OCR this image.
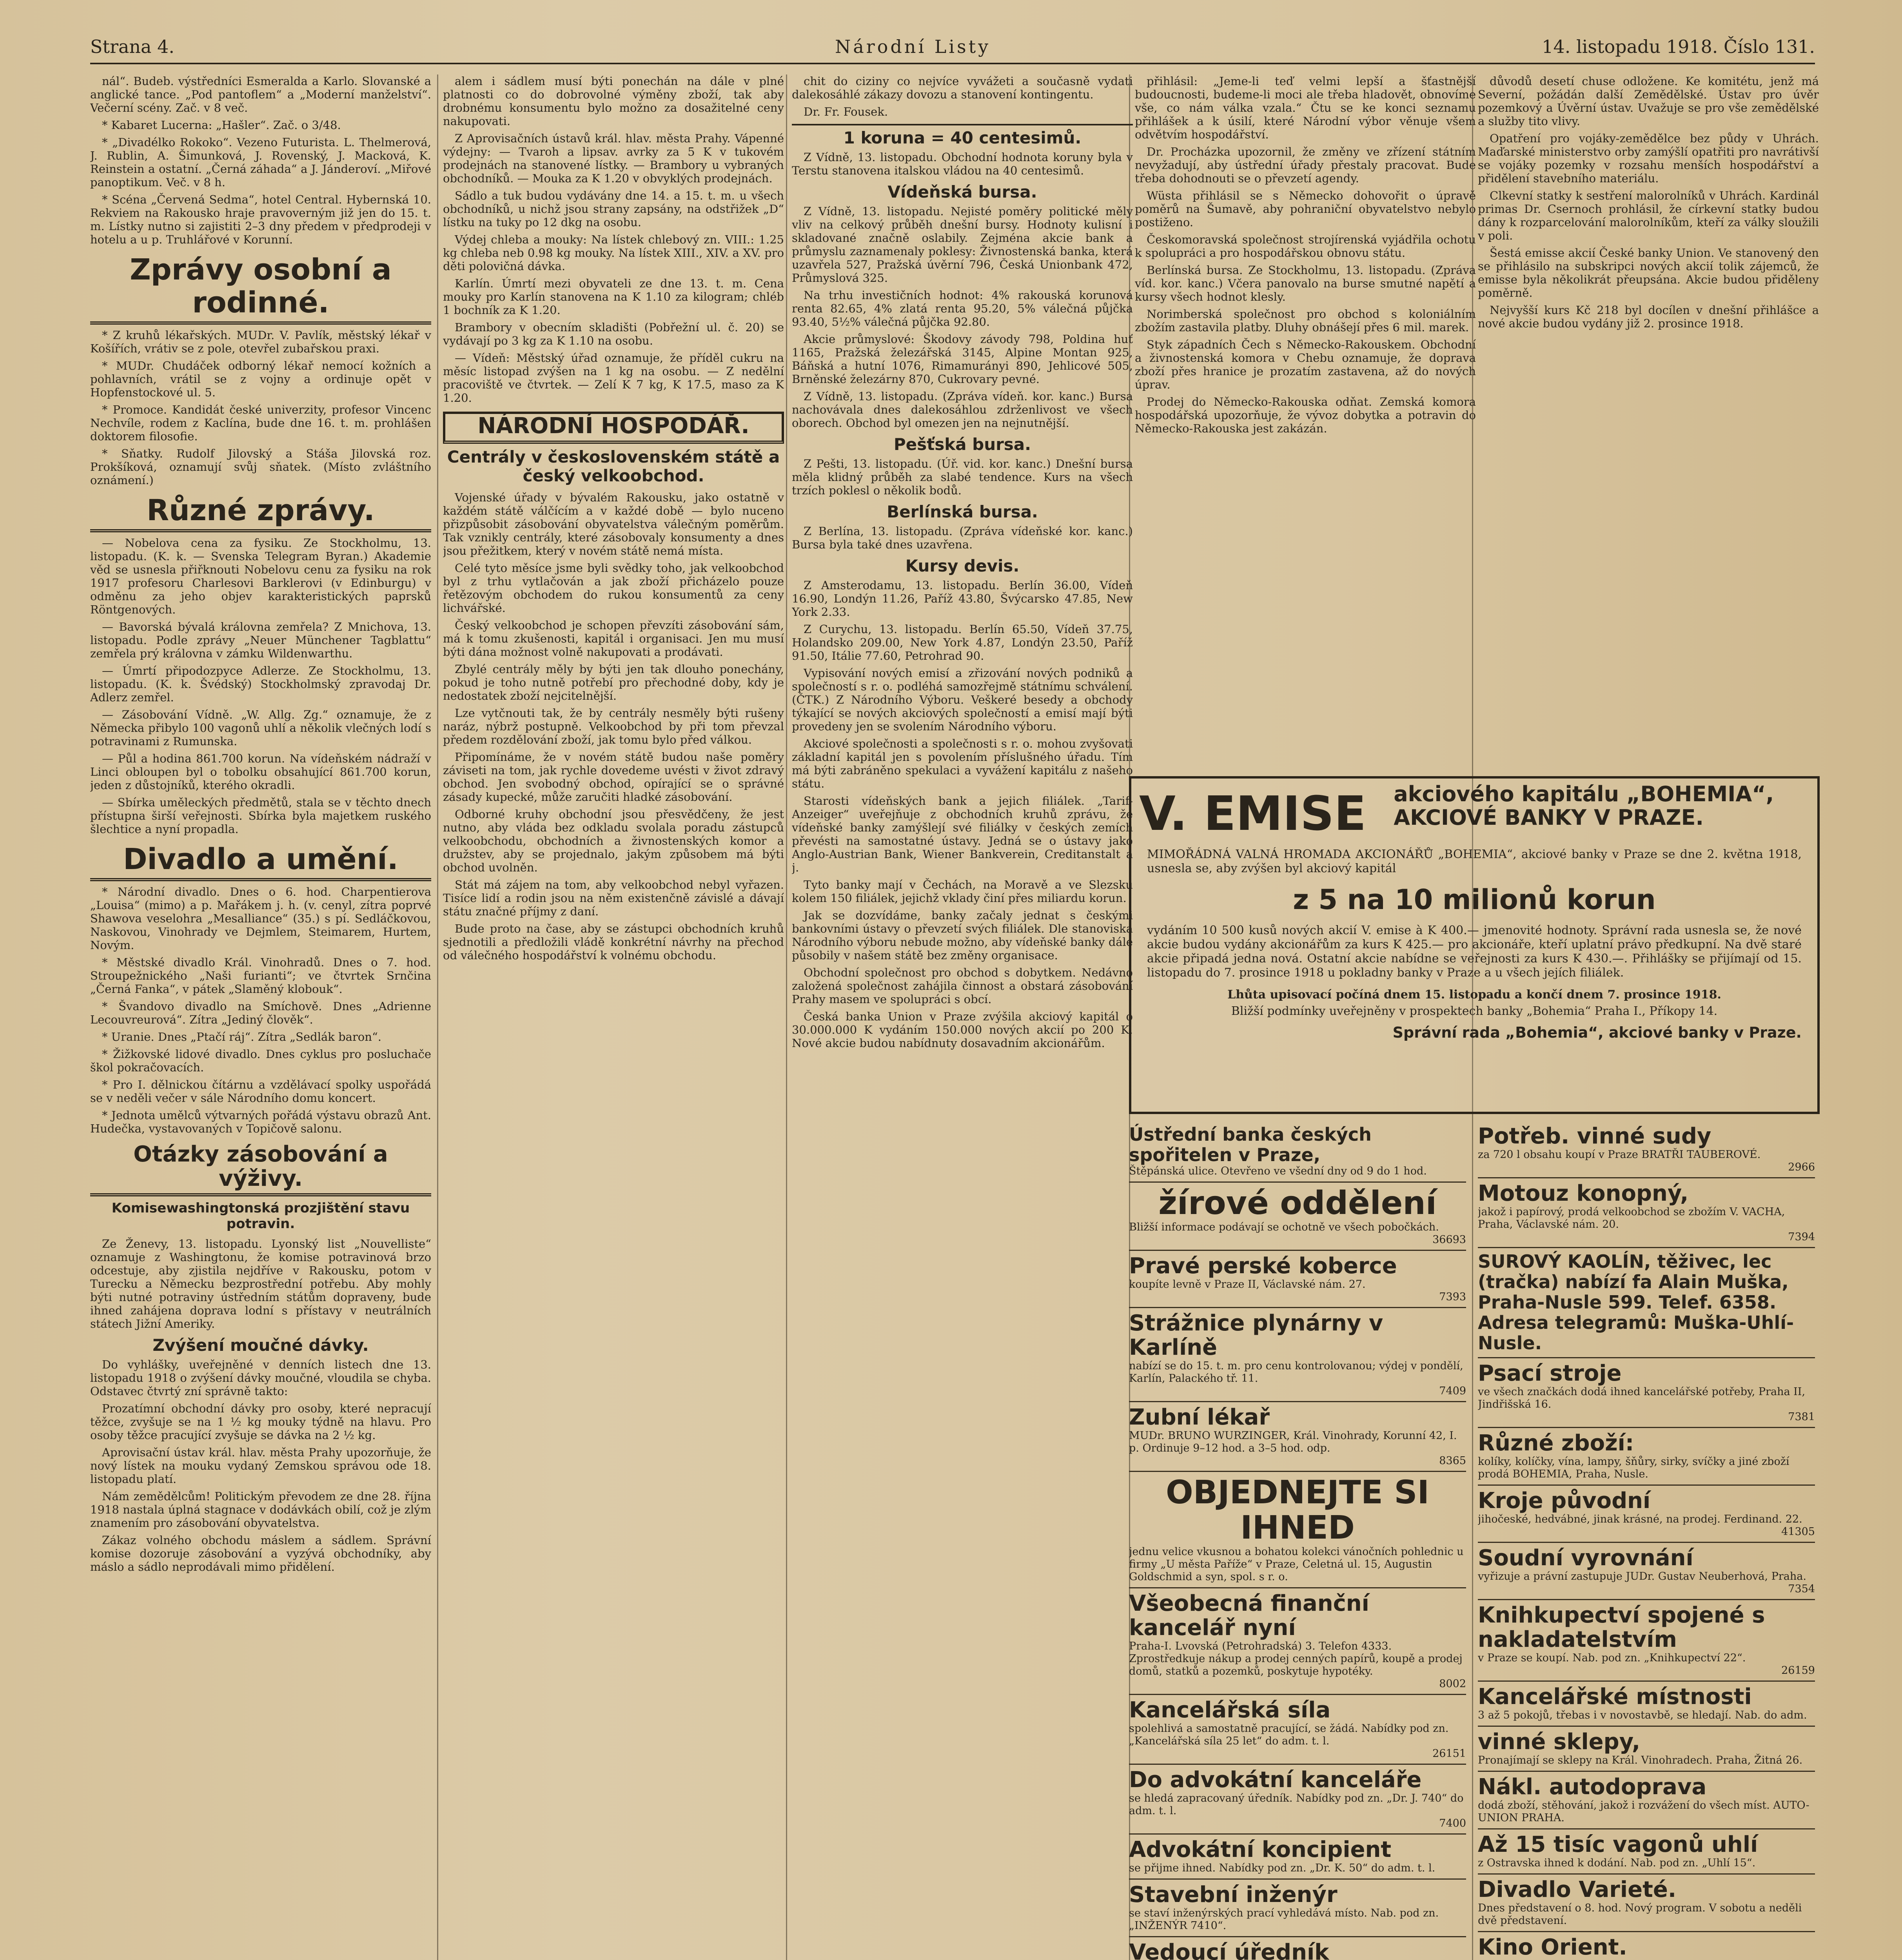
Strana 4.	Národní Listy	14. listopadu 1918. Číslo 131.

nál“. Budeb. výstředníci Esmeralda a Karlo. Slovanské a anglické tance. „Pod pantoflem“ a „Moderní manželství“. Večerní scény. Zač. v 8 več.

* Kabaret Lucerna: „Hašler“. Zač. o 3/48.

* „Divadélko Rokoko“. Vezeno Futurista. L. Thelmerová, J. Rublin, A. Šimunková, J. Rovenský, J. Macková, K. Reinstein a ostatní. „Černá záhada“ a J. Jánderoví. „Miřové panoptikum. Več. v 8 h.

* Scéna „Červená Sedma“, hotel Central. Hybernská 10. Rekviem na Rakousko hraje pravoverným již jen do 15. t. m. Lístky nutno si zajistiti 2–3 dny předem v předprodeji v hotelu a u p. Truhlářové v Korunní.

Zprávy osobní a rodinné.

* Z kruhů lékařských. MUDr. V. Pavlík, městský lékař v Košířích, vrátiv se z pole, otevřel zubařskou praxi.

* MUDr. Chudáček odborný lékař nemocí kožních a pohlavních, vrátil se z vojny a ordinuje opět v Hopfenstockové ul. 5.

* Promoce. Kandidát české univerzity, profesor Vincenc Nechvíle, rodem z Kaclína, bude dne 16. t. m. prohlášen doktorem filosofie.

* Sňatky. Rudolf Jilovský a Stáša Jilovská roz. Prokšíková, oznamují svůj sňatek. (Místo zvláštního oznámení.)

Různé zprávy.

— Nobelova cena za fysiku. Ze Stockholmu, 13. listopadu. (K. k. — Svenska Telegram Byran.) Akademie věd se usnesla přiřknouti Nobelovu cenu za fysiku na rok 1917 profesoru Charlesovi Barklerovi (v Edinburgu) v odměnu za jeho objev karakteristických paprsků Röntgenových.

— Bavorská bývalá královna zemřela? Z Mnichova, 13. listopadu. Podle zprávy „Neuer Münchener Tagblattu“ zemřela prý královna v zámku Wildenwarthu.

— Úmrtí připodozpyce Adlerze. Ze Stockholmu, 13. listopadu. (K. k. Švédský) Stockholmský zpravodaj Dr. Adlerz zemřel.

— Zásobování Vídně. „W. Allg. Zg.“ oznamuje, že z Německa přibylo 100 vagonů uhlí a několik vlečných lodí s potravinami z Rumunska.

— Půl a hodina 861.700 korun. Na vídeňském nádraží v Linci obloupen byl o tobolku obsahující 861.700 korun, jeden z důstojníků, kterého okradli.

— Sbírka uměleckých předmětů, stala se v těchto dnech přístupna širší veřejnosti. Sbírka byla majetkem ruského šlechtice a nyní propadla.

Divadlo a umění.

* Národní divadlo. Dnes o 6. hod. Charpentierova „Louisa“ (mimo) a p. Mařákem j. h. (v. cenyl, zítra poprvé Shawova veselohra „Mesalliance“ (35.) s pí. Sedláčkovou, Naskovou, Vinohrady ve Dejmlem, Steimarem, Hurtem, Novým.

* Městské divadlo Král. Vinohradů. Dnes o 7. hod. Stroupežnického „Naši furianti“; ve čtvrtek Srnčina „Černá Fanka“, v pátek „Slaměný klobouk“.

* Švandovo divadlo na Smíchově. Dnes „Adrienne Lecouvreurová“. Zítra „Jediný člověk“.

* Uranie. Dnes „Ptačí ráj“. Zítra „Sedlák baron“.

* Žižkovské lidové divadlo. Dnes cyklus pro posluchače škol pokračovacích.

* Pro I. dělnickou čítárnu a vzdělávací spolky uspořádá se v neděli večer v sále Národního domu koncert.

* Jednota umělců výtvarných pořádá výstavu obrazů Ant. Hudečka, vystavovaných v Topičově salonu.

Otázky zásobování a výživy.
Komisewashingtonská prozjištění stavu potravin.

Ze Ženevy, 13. listopadu. Lyonský list „Nouvelliste“ oznamuje z Washingtonu, že komise potravinová brzo odcestuje, aby zjistila nejdříve v Rakousku, potom v Turecku a Německu bezprostřední potřebu. Aby mohly býti nutné potraviny ústředním státům dopraveny, bude ihned zahájena doprava lodní s přístavy v neutrálních státech Jižní Ameriky.

Zvýšení moučné dávky.

Do vyhlášky, uveřejněné v denních listech dne 13. listopadu 1918 o zvýšení dávky moučné, vloudila se chyba. Odstavec čtvrtý zní správně takto:

Prozatímní obchodní dávky pro osoby, které nepracují těžce, zvyšuje se na 1 ½ kg mouky týdně na hlavu. Pro osoby těžce pracující zvyšuje se dávka na 2 ½ kg.

Aprovisační ústav král. hlav. města Prahy upozorňuje, že nový lístek na mouku vydaný Zemskou správou ode 18. listopadu platí.

Nám zemědělcům! Politickým převodem ze dne 28. října 1918 nastala úplná stagnace v dodávkách obilí, což je zlým znamením pro zásobování obyvatelstva.

Zákaz volného obchodu máslem a sádlem. Správní komise dozoruje zásobování a vyzývá obchodníky, aby máslo a sádlo neprodávali mimo přidělení.

alem i sádlem musí býti ponechán na dále v plné platnosti co do dobrovolné výměny zboží, tak aby drobnému konsumentu bylo možno za dosažitelné ceny nakupovati.

Z Aprovisačních ústavů král. hlav. města Prahy. Vápenné výdejny: — Tvaroh a lipsav. avrky za 5 K v tukovém prodejnách na stanovené lístky. — Brambory u vybraných obchodníků. — Mouka za K 1.20 v obvyklých prodejnách.

Sádlo a tuk budou vydávány dne 14. a 15. t. m. u všech obchodníků, u nichž jsou strany zapsány, na odstřižek „D“ lístku na tuky po 12 dkg na osobu.

Výdej chleba a mouky: Na lístek chlebový zn. VIII.: 1.25 kg chleba neb 0.98 kg mouky. Na lístek XIII., XIV. a XV. pro děti polovičná dávka.

Karlín. Úmrtí mezi obyvateli ze dne 13. t. m. Cena mouky pro Karlín stanovena na K 1.10 za kilogram; chléb 1 bochník za K 1.20.

Brambory v obecním skladišti (Pobřežní ul. č. 20) se vydávají po 3 kg za K 1.10 na osobu.

— Vídeň: Městský úřad oznamuje, že příděl cukru na měsíc listopad zvýšen na 1 kg na osobu. — Z nedělní pracoviště ve čtvrtek. — Zelí K 7 kg, K 17.5, maso za K 1.20.

NÁRODNÍ HOSPODÁŘ.
Centrály v československém státě a český velkoobchod.

Vojenské úřady v bývalém Rakousku, jako ostatně v každém státě válčícím a v každé době — bylo nuceno přizpůsobit zásobování obyvatelstva válečným poměrům. Tak vznikly centrály, které zásobovaly konsumenty a dnes jsou přežitkem, který v novém státě nemá místa.

Celé tyto měsíce jsme byli svědky toho, jak velkoobchod byl z trhu vytlačován a jak zboží přicházelo pouze řetězovým obchodem do rukou konsumentů za ceny lichvářské.

Český velkoobchod je schopen převzíti zásobování sám, má k tomu zkušenosti, kapitál i organisaci. Jen mu musí býti dána možnost volně nakupovati a prodávati.

Zbylé centrály měly by býti jen tak dlouho ponechány, pokud je toho nutně potřebí pro přechodné doby, kdy je nedostatek zboží nejcitelnější.

Lze vytčnouti tak, že by centrály nesměly býti rušeny naráz, nýbrž postupně. Velkoobchod by při tom převzal předem rozdělování zboží, jak tomu bylo před válkou.

Připomínáme, že v novém státě budou naše poměry záviseti na tom, jak rychle dovedeme uvésti v život zdravý obchod. Jen svobodný obchod, opírající se o správné zásady kupecké, může zaručiti hladké zásobování.

Odborné kruhy obchodní jsou přesvědčeny, že jest nutno, aby vláda bez odkladu svolala poradu zástupců velkoobchodu, obchodních a živnostenských komor a družstev, aby se projednalo, jakým způsobem má býti obchod uvolněn.

Stát má zájem na tom, aby velkoobchod nebyl vyřazen. Tisíce lidí a rodin jsou na něm existenčně závislé a dávají státu značné příjmy z daní.

Bude proto na čase, aby se zástupci obchodních kruhů sjednotili a předložili vládě konkrétní návrhy na přechod od válečného hospodářství k volnému obchodu.

chit do ciziny co nejvíce vyvážeti a současně vydati dalekosáhlé zákazy dovozu a stanovení kontingentu.

Dr. Fr. Fousek.

1 koruna = 40 centesimů.

Z Vídně, 13. listopadu. Obchodní hodnota koruny byla v Terstu stanovena italskou vládou na 40 centesimů.

Vídeňská bursa.

Z Vídně, 13. listopadu. Nejisté poměry politické měly vliv na celkový průběh dnešní bursy. Hodnoty kulisní i skladované značně oslabily. Zejména akcie bank a průmyslu zaznamenaly poklesy: Živnostenská banka, která uzavřela 527, Pražská úvěrní 796, Česká Unionbank 472, Průmyslová 325.

Na trhu investičních hodnot: 4% rakouská korunová renta 82.65, 4% zlatá renta 95.20, 5% válečná půjčka 93.40, 5½% válečná půjčka 92.80.

Akcie průmyslové: Škodovy závody 798, Poldina huť 1165, Pražská železářská 3145, Alpine Montan 925, Báňská a hutní 1076, Rimamurányi 890, Jehlicové 505, Brněnské železárny 870, Cukrovary pevné.

Z Vídně, 13. listopadu. (Zpráva vídeň. kor. kanc.) Bursa nachovávala dnes dalekosáhlou zdrženlivost ve všech oborech. Obchod byl omezen jen na nejnutnější.

Pešťská bursa.

Z Pešti, 13. listopadu. (Úř. vid. kor. kanc.) Dnešní bursa měla klidný průběh za slabé tendence. Kurs na všech trzích poklesl o několik bodů.

Berlínská bursa.

Z Berlína, 13. listopadu. (Zpráva vídeňské kor. kanc.) Bursa byla také dnes uzavřena.

Kursy devis.

Z Amsterodamu, 13. listopadu. Berlín 36.00, Vídeň 16.90, Londýn 11.26, Paříž 43.80, Švýcarsko 47.85, New York 2.33.

Z Curychu, 13. listopadu. Berlín 65.50, Vídeň 37.75, Holandsko 209.00, New York 4.87, Londýn 23.50, Paříž 91.50, Itálie 77.60, Petrohrad 90.

Vypisování nových emisí a zřizování nových podniků a společností s r. o. podléhá samozřejmě státnímu schválení. (ČTK.) Z Národního Výboru. Veškeré besedy a obchody týkající se nových akciových společností a emisí mají býti provedeny jen se svolením Národního výboru.

Akciové společnosti a společnosti s r. o. mohou zvyšovati základní kapitál jen s povolením příslušného úřadu. Tím má býti zabráněno spekulaci a vyvážení kapitálu z našeho státu.

Starosti vídeňských bank a jejich filiálek. „Tarif-Anzeiger“ uveřejňuje z obchodních kruhů zprávu, že vídeňské banky zamýšlejí své filiálky v českých zemích převésti na samostatné ústavy. Jedná se o ústavy jako Anglo-Austrian Bank, Wiener Bankverein, Creditanstalt a j.

Tyto banky mají v Čechách, na Moravě a ve Slezsku kolem 150 filiálek, jejichž vklady činí přes miliardu korun.

Jak se dozvídáme, banky začaly jednat s českými bankovními ústavy o převzetí svých filiálek. Dle stanoviska Národního výboru nebude možno, aby vídeňské banky dále působily v našem státě bez změny organisace.

Obchodní společnost pro obchod s dobytkem. Nedávno založená společnost zahájila činnost a obstará zásobování Prahy masem ve spolupráci s obcí.

Česká banka Union v Praze zvýšila akciový kapitál o 30.000.000 K vydáním 150.000 nových akcií po 200 K. Nové akcie budou nabídnuty dosavadním akcionářům.

přihlásil: „Jeme-li teď velmi lepší a šťastnější budoucnosti, budeme-li moci ale třeba hladovět, obnovíme vše, co nám válka vzala.“ Čtu se ke konci seznamu přihlášek a k úsilí, které Národní výbor věnuje všem odvětvím hospodářství.

Dr. Procházka upozornil, že změny ve zřízení státním nevyžadují, aby ústřední úřady přestaly pracovat. Bude třeba dohodnouti se o převzetí agendy.

Wüsta přihlásil se s Německo dohovořit o úpravě poměrů na Šumavě, aby pohraniční obyvatelstvo nebylo postiženo.

Českomoravská společnost strojírenská vyjádřila ochotu k spolupráci a pro hospodářskou obnovu státu.

Berlínská bursa. Ze Stockholmu, 13. listopadu. (Zpráva víd. kor. kanc.) Včera panovalo na burse smutné napětí a kursy všech hodnot klesly.

Norimberská společnost pro obchod s koloniálním zbožím zastavila platby. Dluhy obnášejí přes 6 mil. marek.

Styk západních Čech s Německo-Rakouskem. Obchodní a živnostenská komora v Chebu oznamuje, že doprava zboží přes hranice je prozatím zastavena, až do nových úprav.

Prodej do Německo-Rakouska odňat. Zemská komora hospodářská upozorňuje, že vývoz dobytka a potravin do Německo-Rakouska jest zakázán.

důvodů desetí chuse odložene. Ke komitétu, jenž má Severní, požádán další Zemědělské. Ústav pro úvěr pozemkový a Úvěrní ústav. Uvažuje se pro vše zemědělské a služby tito vlivy.

Opatření pro vojáky-zemědělce bez půdy v Uhrách. Maďarské ministerstvo orby zamýšlí opatřiti pro navrátivší se vojáky pozemky v rozsahu menších hospodářství a přidělení stavebního materiálu.

Clkevní statky k sestření malorolníků v Uhrách. Kardinál primas Dr. Csernoch prohlásil, že církevní statky budou dány k rozparcelování malorolníkům, kteří za války sloužili v poli.

Šestá emisse akcií České banky Union. Ve stanovený den se přihlásilo na subskripci nových akcií tolik zájemců, že emisse byla několikrát přeupsána. Akcie budou přiděleny poměrně.

Nejvyšší kurs Kč 218 byl docílen v dnešní přihlášce a nové akcie budou vydány již 2. prosince 1918.

V. EMISE akciového kapitálu „BOHEMIA“,
AKCIOVÉ BANKY V PRAZE.
MIMOŘÁDNÁ VALNÁ HROMADA AKCIONÁŘŮ „BOHEMIA“, akciové banky v Praze se dne 2. května 1918, usnesla se, aby zvýšen byl akciový kapitál
z 5 na 10 milionů korun
vydáním 10 500 kusů nových akcií V. emise à K 400.— jmenovité hodnoty. Správní rada usnesla se, že nové akcie budou vydány akcionářům za kurs K 425.— pro akcionáře, kteří uplatní právo předkupní. Na dvě staré akcie připadá jedna nová. Ostatní akcie nabídne se veřejnosti za kurs K 430.—. Přihlášky se přijímají od 15. listopadu do 7. prosince 1918 u pokladny banky v Praze a u všech jejích filiálek.
Lhůta upisovací počíná dnem 15. listopadu a končí dnem 7. prosince 1918.
Bližší podmínky uveřejněny v prospektech banky „Bohemia“ Praha I., Příkopy 14.
Správní rada „Bohemia“, akciové banky v Praze.
Ústřední banka českých spořitelen v Praze,
Štěpánská ulice. Otevřeno ve všední dny od 9 do 1 hod.
žírové oddělení
Bližší informace podávají se ochotně ve všech pobočkách.
36693
Pravé perské koberce
koupíte levně v Praze II, Václavské nám. 27.
7393
Strážnice plynárny v Karlíně
nabízí se do 15. t. m. pro cenu kontrolovanou; výdej v pondělí, Karlín, Palackého tř. 11.
7409
Zubní lékař
MUDr. BRUNO WURZINGER, Král. Vinohrady, Korunní 42, I. p. Ordinuje 9–12 hod. a 3–5 hod. odp.
8365
OBJEDNEJTE SI IHNED
jednu velice vkusnou a bohatou kolekci vánočních pohlednic u firmy „U města Paříže“ v Praze, Celetná ul. 15, Augustin Goldschmid a syn, spol. s r. o.
Všeobecná finanční kancelář nyní
Praha-I. Lvovská (Petrohradská) 3. Telefon 4333. Zprostředkuje nákup a prodej cenných papírů, koupě a prodej domů, statků a pozemků, poskytuje hypotéky.
8002
Kancelářská síla
spolehlivá a samostatně pracující, se žádá. Nabídky pod zn. „Kancelářská síla 25 let“ do adm. t. l.
26151
Do advokátní kanceláře
se hledá zapracovaný úředník. Nabídky pod zn. „Dr. J. 740“ do adm. t. l.
7400
Advokátní koncipient
se přijme ihned. Nabídky pod zn. „Dr. K. 50“ do adm. t. l.
Stavební inženýr
se staví inženýrských prací vyhledává místo. Nab. pod zn. „INŽENÝR 7410“.
Vedoucí úředník
Potřeb. vinné sudy
za 720 l obsahu koupí v Praze BRATŘI TAUBEROVÉ.
2966
Motouz konopný,
jakož i papírový, prodá velkoobchod se zbožím V. VACHA, Praha, Václavské nám. 20.
7394
SUROVÝ KAOLÍN, těživec, lec (tračka) nabízí fa Alain Muška, Praha-Nusle 599. Telef. 6358. Adresa telegramů: Muška-Uhlí-Nusle.
Psací stroje
ve všech značkách dodá ihned kancelářské potřeby, Praha II, Jindřišská 16.
7381
Různé zboží:
kolíky, kolíčky, vína, lampy, šňůry, sirky, svíčky a jiné zboží prodá BOHEMIA, Praha, Nusle.
Kroje původní
jihočeské, hedvábné, jinak krásné, na prodej. Ferdinand. 22.
41305
Soudní vyrovnání
vyřizuje a právní zastupuje JUDr. Gustav Neuberhová, Praha.
7354
Knihkupectví spojené s nakladatelstvím
v Praze se koupí. Nab. pod zn. „Knihkupectví 22“.
26159
Kancelářské místnosti
3 až 5 pokojů, třebas i v novostavbě, se hledají. Nab. do adm.
vinné sklepy,
Pronajímají se sklepy na Král. Vinohradech. Praha, Žitná 26.
Nákl. autodoprava
dodá zboží, stěhování, jakož i rozvážení do všech míst. AUTO-UNION PRAHA.
Až 15 tisíc vagonů uhlí
z Ostravska ihned k dodání. Nab. pod zn. „Uhlí 15“.
Divadlo Varieté.
Dnes představení o 8. hod. Nový program. V sobotu a neděli dvě představení.
Kino Orient.
